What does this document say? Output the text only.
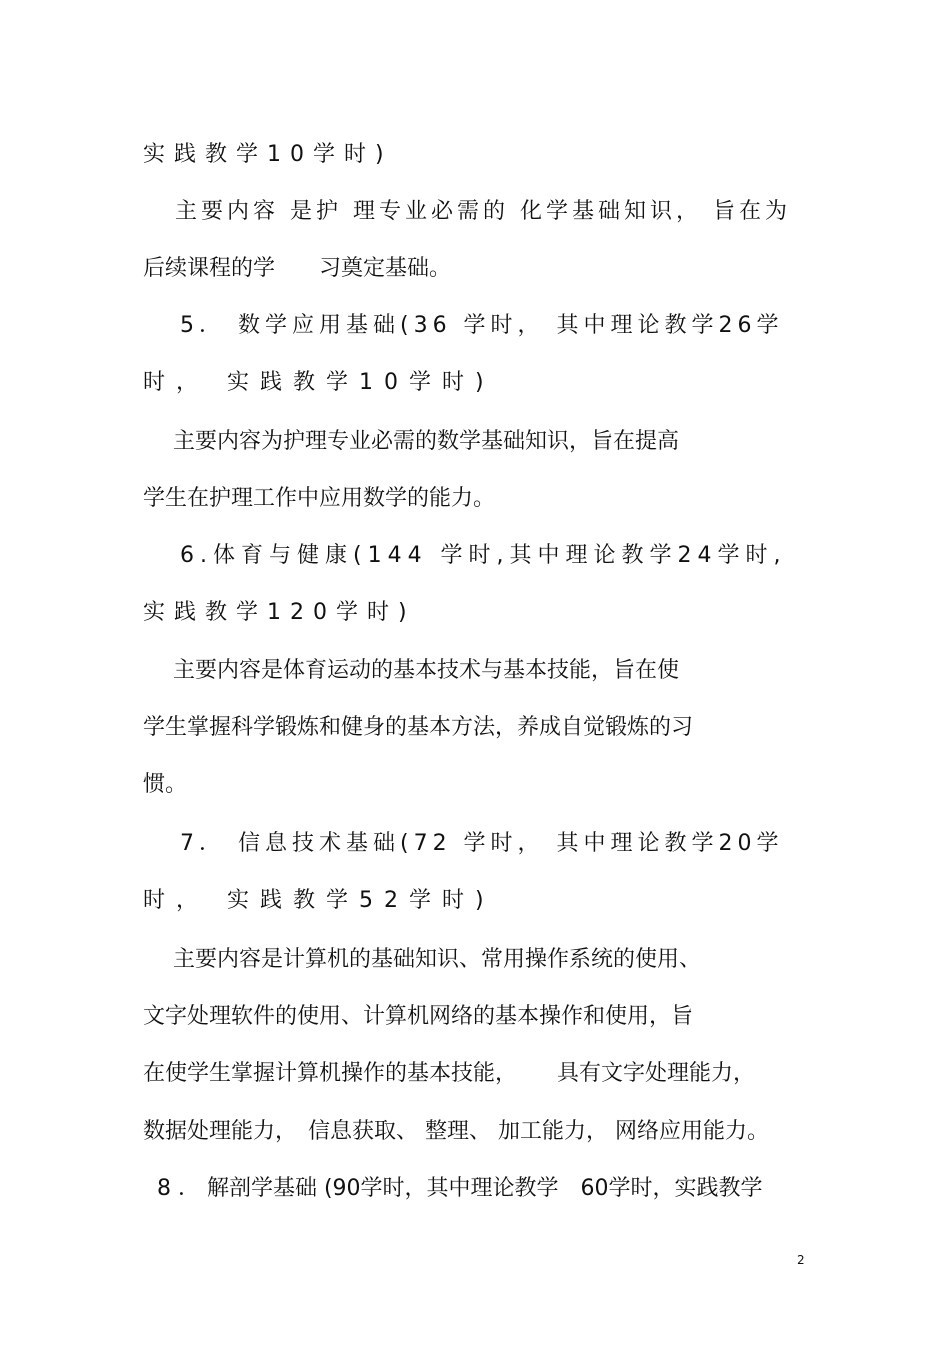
实践教学10学时)
主要内容 是护 理专业必需的 化学基础知识， 旨在为
后续课程的学　　习奠定基础。
5． 数学应用基础(36 学时， 其中理论教学26学
时， 实践教学10学时)
主要内容为护理专业必需的数学基础知识，旨在提高
学生在护理工作中应用数学的能力。
6.体育与健康(144 学时,其中理论教学24学时,
实践教学120学时)
主要内容是体育运动的基本技术与基本技能，旨在使
学生掌握科学锻炼和健身的基本方法，养成自觉锻炼的习
惯。
7． 信息技术基础(72 学时， 其中理论教学20学
时， 实践教学52学时)
主要内容是计算机的基础知识、常用操作系统的使用、
文字处理软件的使用、计算机网络的基本操作和使用，旨
在使学生掌握计算机操作的基本技能，　　 具有文字处理能力，
数据处理能力，　信息获取、 整理、 加工能力， 网络应用能力。
8 ． 解剖学基础 (90学时，其中理论教学　60学时，实践教学
2
